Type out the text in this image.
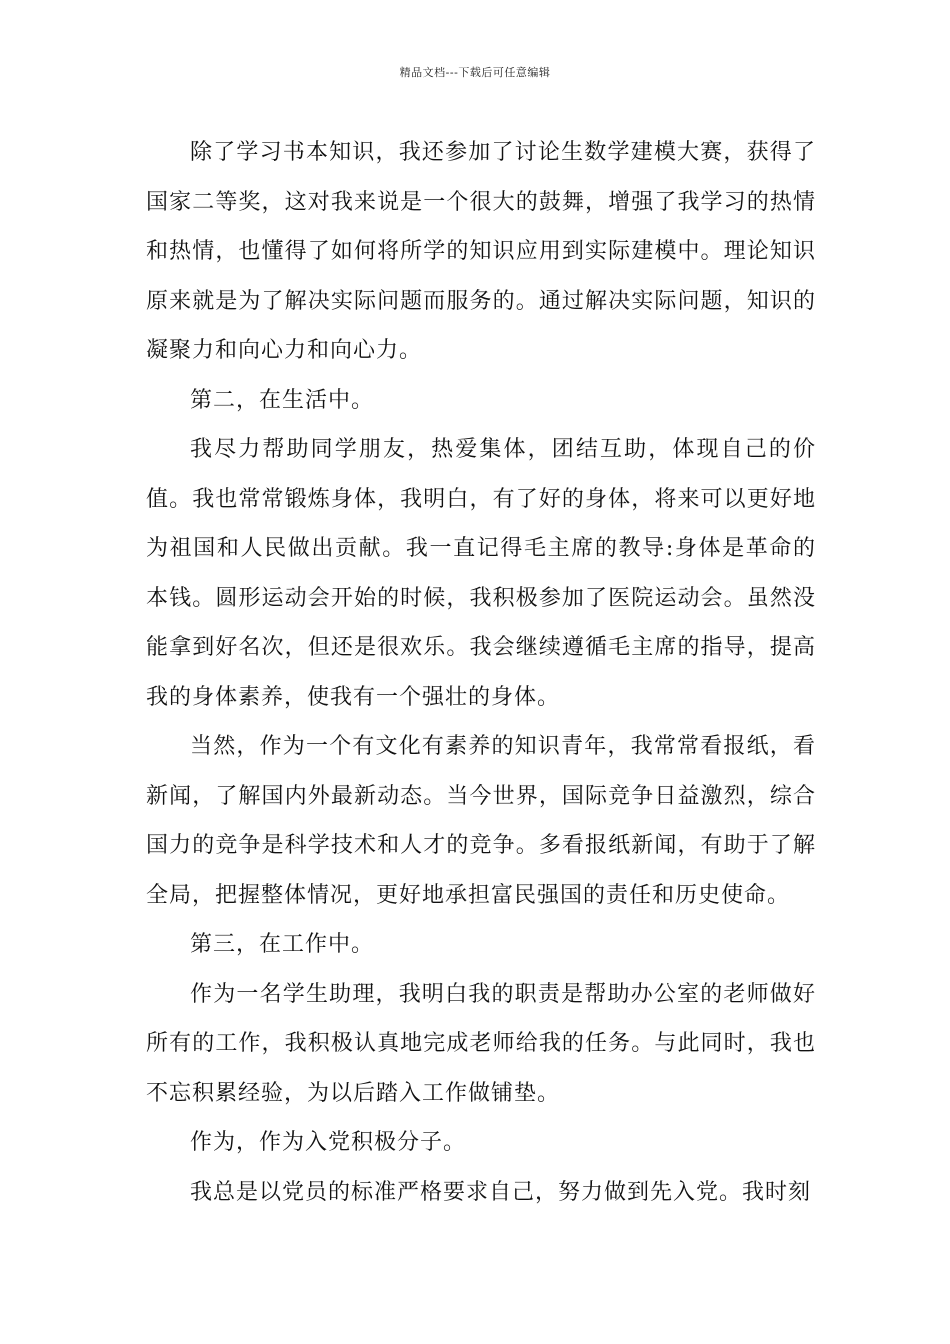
精品文档---下载后可任意编辑

除了学习书本知识，我还参加了讨论生数学建模大赛，获得了国家二等奖，这对我来说是一个很大的鼓舞，增强了我学习的热情和热情，也懂得了如何将所学的知识应用到实际建模中。理论知识原来就是为了解决实际问题而服务的。通过解决实际问题，知识的凝聚力和向心力和向心力。

第二，在生活中。

我尽力帮助同学朋友，热爱集体，团结互助，体现自己的价值。我也常常锻炼身体，我明白，有了好的身体，将来可以更好地为祖国和人民做出贡献。我一直记得毛主席的教导:身体是革命的本钱。圆形运动会开始的时候，我积极参加了医院运动会。虽然没能拿到好名次，但还是很欢乐。我会继续遵循毛主席的指导，提高我的身体素养，使我有一个强壮的身体。

当然，作为一个有文化有素养的知识青年，我常常看报纸，看新闻，了解国内外最新动态。当今世界，国际竞争日益激烈，综合国力的竞争是科学技术和人才的竞争。多看报纸新闻，有助于了解全局，把握整体情况，更好地承担富民强国的责任和历史使命。

第三，在工作中。

作为一名学生助理，我明白我的职责是帮助办公室的老师做好所有的工作，我积极认真地完成老师给我的任务。与此同时，我也不忘积累经验，为以后踏入工作做铺垫。

作为，作为入党积极分子。

我总是以党员的标准严格要求自己，努力做到先入党。我时刻
